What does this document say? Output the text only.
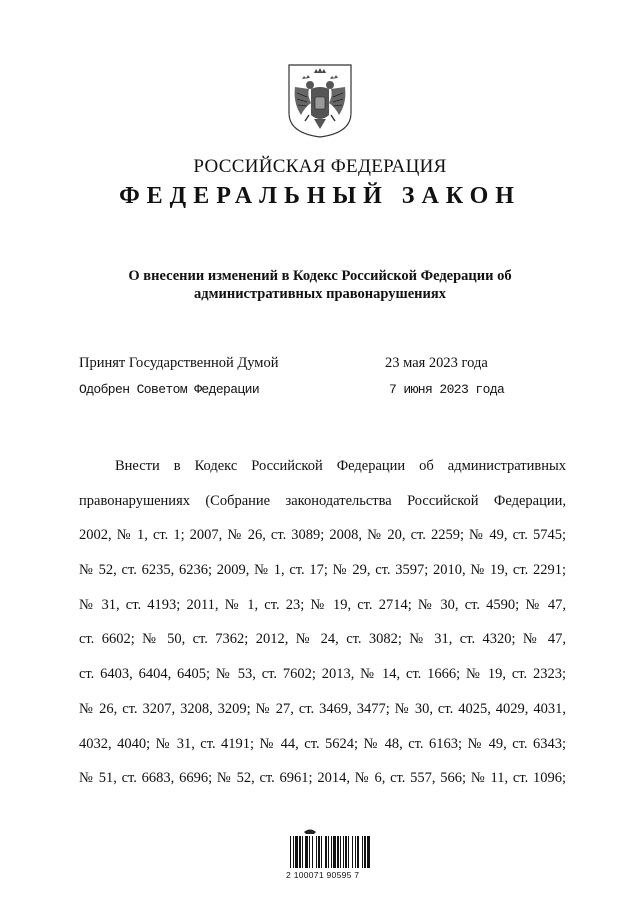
РОССИЙСКАЯ ФЕДЕРАЦИЯ
ФЕДЕРАЛЬНЫЙ ЗАКОН
О внесении изменений в Кодекс Российской Федерации об
административных правонарушениях
Принят Государственной Думой	23 мая 2023 года
Одобрен Советом Федерации	7 июня 2023 года
Внести в Кодекс Российской Федерации об административных
правонарушениях (Собрание законодательства Российской Федерации,
2002, № 1, ст. 1; 2007, № 26, ст. 3089; 2008, № 20, ст. 2259; № 49, ст. 5745;
№ 52, ст. 6235, 6236; 2009, № 1, ст. 17; № 29, ст. 3597; 2010, № 19, ст. 2291;
№ 31, ст. 4193; 2011, № 1, ст. 23; № 19, ст. 2714; № 30, ст. 4590; № 47,
ст. 6602; № 50, ст. 7362; 2012, № 24, ст. 3082; № 31, ст. 4320; № 47,
ст. 6403, 6404, 6405; № 53, ст. 7602; 2013, № 14, ст. 1666; № 19, ст. 2323;
№ 26, ст. 3207, 3208, 3209; № 27, ст. 3469, 3477; № 30, ст. 4025, 4029, 4031,
4032, 4040; № 31, ст. 4191; № 44, ст. 5624; № 48, ст. 6163; № 49, ст. 6343;
№ 51, ст. 6683, 6696; № 52, ст. 6961; 2014, № 6, ст. 557, 566; № 11, ст. 1096;
2 100071 90595 7
